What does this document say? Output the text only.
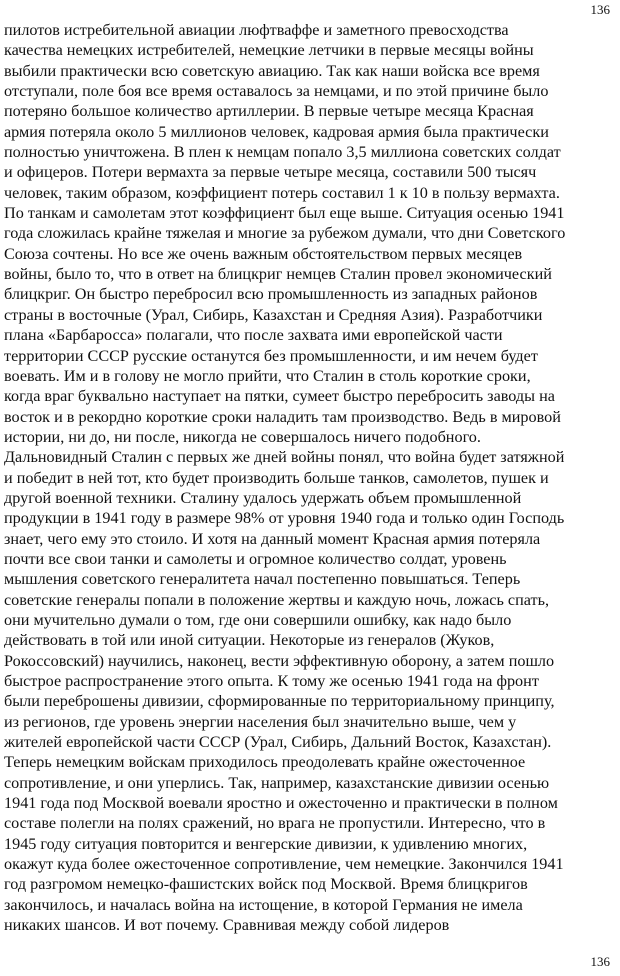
136
пилотов истребительной авиации люфтваффе и заметного превосходства
качества немецких истребителей, немецкие летчики в первые месяцы войны
выбили практически всю советскую авиацию. Так как наши войска все время
отступали, поле боя все время оставалось за немцами, и по этой причине было
потеряно большое количество артиллерии. В первые четыре месяца Красная
армия потеряла около 5 миллионов человек, кадровая армия была практически
полностью уничтожена. В плен к немцам попало 3,5 миллиона советских солдат
и офицеров. Потери вермахта за первые четыре месяца, составили 500 тысяч
человек, таким образом, коэффициент потерь составил 1 к 10 в пользу вермахта.
По танкам и самолетам этот коэффициент был еще выше. Ситуация осенью 1941
года сложилась крайне тяжелая и многие за рубежом думали, что дни Советского
Союза сочтены. Но все же очень важным обстоятельством первых месяцев
войны, было то, что в ответ на блицкриг немцев Сталин провел экономический
блицкриг. Он быстро перебросил всю промышленность из западных районов
страны в восточные (Урал, Сибирь, Казахстан и Средняя Азия). Разработчики
плана «Барбаросса» полагали, что после захвата ими европейской части
территории СССР русские останутся без промышленности, и им нечем будет
воевать. Им и в голову не могло прийти, что Сталин в столь короткие сроки,
когда враг буквально наступает на пятки, сумеет быстро перебросить заводы на
восток и в рекордно короткие сроки наладить там производство. Ведь в мировой
истории, ни до, ни после, никогда не совершалось ничего подобного.
Дальновидный Сталин с первых же дней войны понял, что война будет затяжной
и победит в ней тот, кто будет производить больше танков, самолетов, пушек и
другой военной техники. Сталину удалось удержать объем промышленной
продукции в 1941 году в размере 98% от уровня 1940 года и только один Господь
знает, чего ему это стоило. И хотя на данный момент Красная армия потеряла
почти все свои танки и самолеты и огромное количество солдат, уровень
мышления советского генералитета начал постепенно повышаться. Теперь
советские генералы попали в положение жертвы и каждую ночь, ложась спать,
они мучительно думали о том, где они совершили ошибку, как надо было
действовать в той или иной ситуации. Некоторые из генералов (Жуков,
Рокоссовский) научились, наконец, вести эффективную оборону, а затем пошло
быстрое распространение этого опыта. К тому же осенью 1941 года на фронт
были переброшены дивизии, сформированные по территориальному принципу,
из регионов, где уровень энергии населения был значительно выше, чем у
жителей европейской части СССР (Урал, Сибирь, Дальний Восток, Казахстан).
Теперь немецким войскам приходилось преодолевать крайне ожесточенное
сопротивление, и они уперлись. Так, например, казахстанские дивизии осенью
1941 года под Москвой воевали яростно и ожесточенно и практически в полном
составе полегли на полях сражений, но врага не пропустили. Интересно, что в
1945 году ситуация повторится и венгерские дивизии, к удивлению многих,
окажут куда более ожесточенное сопротивление, чем немецкие. Закончился 1941
год разгромом немецко-фашистских войск под Москвой. Время блицкригов
закончилось, и началась война на истощение, в которой Германия не имела
никаких шансов. И вот почему. Сравнивая между собой лидеров
136
